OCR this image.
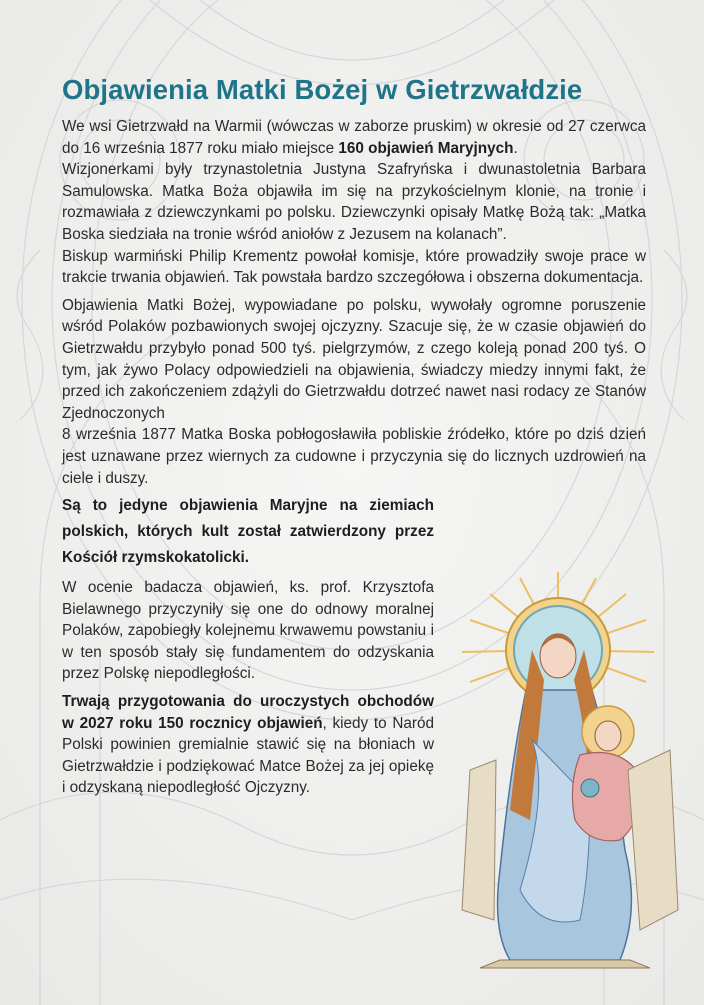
Objawienia Matki Bożej w Gietrzwałdzie

We wsi Gietrzwałd na Warmii (wówczas w zaborze pruskim) w okresie od 27 czerwca do 16 września 1877 roku miało miejsce 160 objawień Maryjnych.

Wizjonerkami były trzynastoletnia Justyna Szafryńska i dwunastoletnia Barbara Samulowska. Matka Boża objawiła im się na przykościelnym klonie, na tronie i rozmawiała z dziewczynkami po polsku. Dziewczynki opisały Matkę Bożą tak: „Matka Boska siedziała na tronie wśród aniołów z Jezusem na kolanach”.

Biskup warmiński Philip Krementz powołał komisje, które prowadziły swoje prace w trakcie trwania objawień. Tak powstała bardzo szczegółowa i obszerna dokumentacja.

Objawienia Matki Bożej, wypowiadane po polsku, wywołały ogromne poruszenie wśród Polaków pozbawionych swojej ojczyzny. Szacuje się, że w czasie objawień do Gietrzwałdu przybyło ponad 500 tyś. pielgrzymów, z czego koleją ponad 200 tyś. O tym, jak żywo Polacy odpowiedzieli na objawienia, świadczy miedzy innymi fakt, że przed ich zakończeniem zdążyli do Gietrzwałdu dotrzeć nawet nasi rodacy ze Stanów Zjednoczonych

8 września 1877 Matka Boska pobłogosławiła pobliskie źródełko, które po dziś dzień jest uznawane przez wiernych za cudowne i przyczynia się do licznych uzdrowień na ciele i duszy.

Są to jedyne objawienia Maryjne na ziemiach polskich, których kult został zatwierdzony przez Kościół rzymskokatolicki.

W ocenie badacza objawień, ks. prof. Krzysztofa Bielawnego przyczyniły się one do odnowy moralnej Polaków, zapobiegły kolejnemu krwawemu powstaniu i w ten sposób stały się fundamentem do odzyskania przez Polskę niepodległości.

Trwają przygotowania do uroczystych obchodów w 2027 roku 150 rocznicy objawień, kiedy to Naród Polski powinien gremialnie stawić się na błoniach w Gietrzwałdzie i podziękować Matce Bożej za jej opiekę i odzyskaną niepodległość Ojczyzny.
